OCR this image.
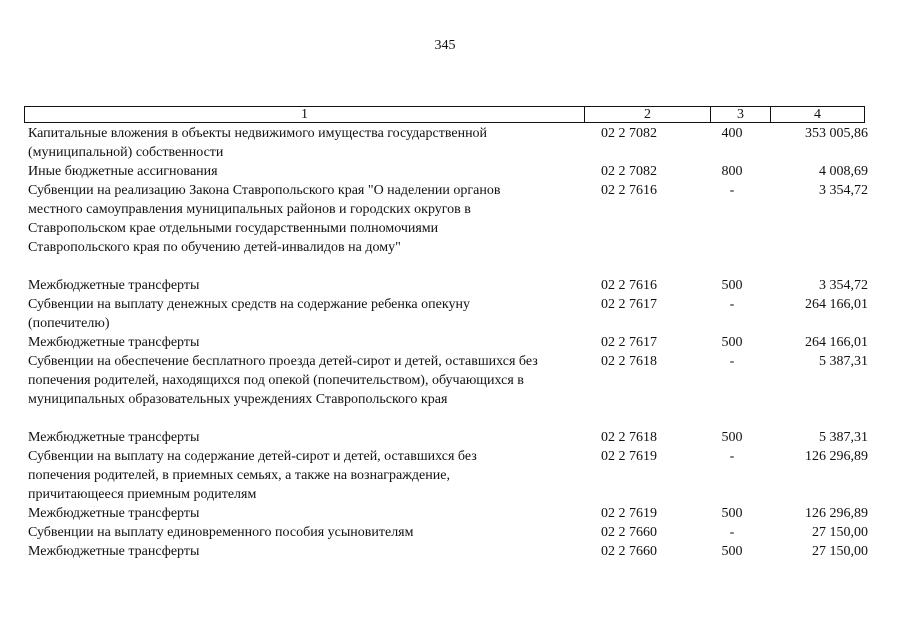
345
1	2	3	4
Капитальные вложения в объекты недвижимого имущества государственной
(муниципальной) собственности
02 2 7082	400	353 005,86
Иные бюджетные ассигнования	02 2 7082	800	4 008,69
Субвенции на реализацию Закона Ставропольского края "О наделении органов
местного самоуправления муниципальных районов и городских округов в
Ставропольском крае отдельными государственными полномочиями
Ставропольского края по обучению детей-инвалидов на дому"
02 2 7616	-	3 354,72
Межбюджетные трансферты	02 2 7616	500	3 354,72
Субвенции на выплату денежных средств на содержание ребенка опекуну
(попечителю)
02 2 7617	-	264 166,01
Межбюджетные трансферты	02 2 7617	500	264 166,01
Субвенции на обеспечение бесплатного проезда детей-сирот и детей, оставшихся без
попечения родителей, находящихся под опекой (попечительством), обучающихся в
муниципальных образовательных учреждениях Ставропольского края
02 2 7618	-	5 387,31
Межбюджетные трансферты	02 2 7618	500	5 387,31
Субвенции на выплату на содержание детей-сирот и детей, оставшихся без
попечения родителей, в приемных семьях, а также на вознаграждение,
причитающееся приемным родителям
02 2 7619	-	126 296,89
Межбюджетные трансферты	02 2 7619	500	126 296,89
Субвенции на выплату единовременного пособия усыновителям	02 2 7660	-	27 150,00
Межбюджетные трансферты	02 2 7660	500	27 150,00
